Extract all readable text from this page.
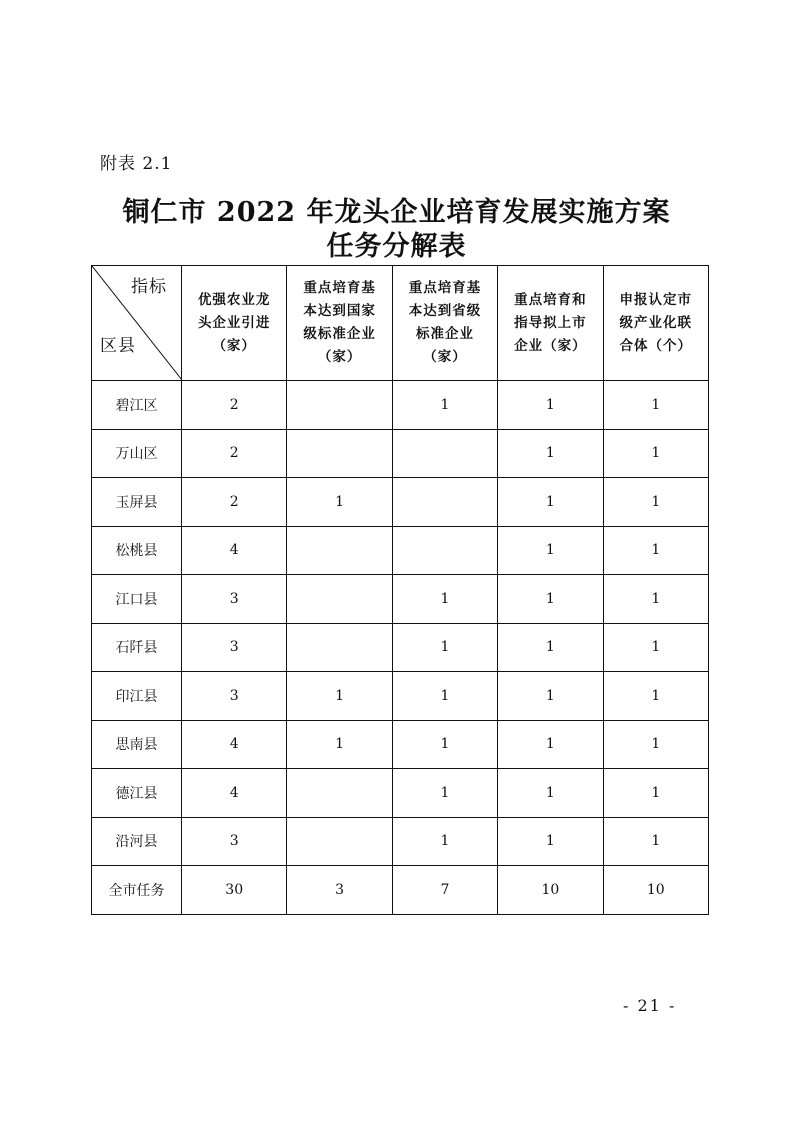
附表 2.1
铜仁市 2022 年龙头企业培育发展实施方案
任务分解表
指标
区县	优强农业龙
头企业引进
（家）	重点培育基
本达到国家
级标准企业
（家）	重点培育基
本达到省级
标准企业
（家）	重点培育和
指导拟上市
企业（家）	申报认定市
级产业化联
合体（个）
碧江区	2		1	1	1
万山区	2			1	1
玉屏县	2	1		1	1
松桃县	4			1	1
江口县	3		1	1	1
石阡县	3		1	1	1
印江县	3	1	1	1	1
思南县	4	1	1	1	1
德江县	4		1	1	1
沿河县	3		1	1	1
全市任务	30	3	7	10	10
- 21 -
